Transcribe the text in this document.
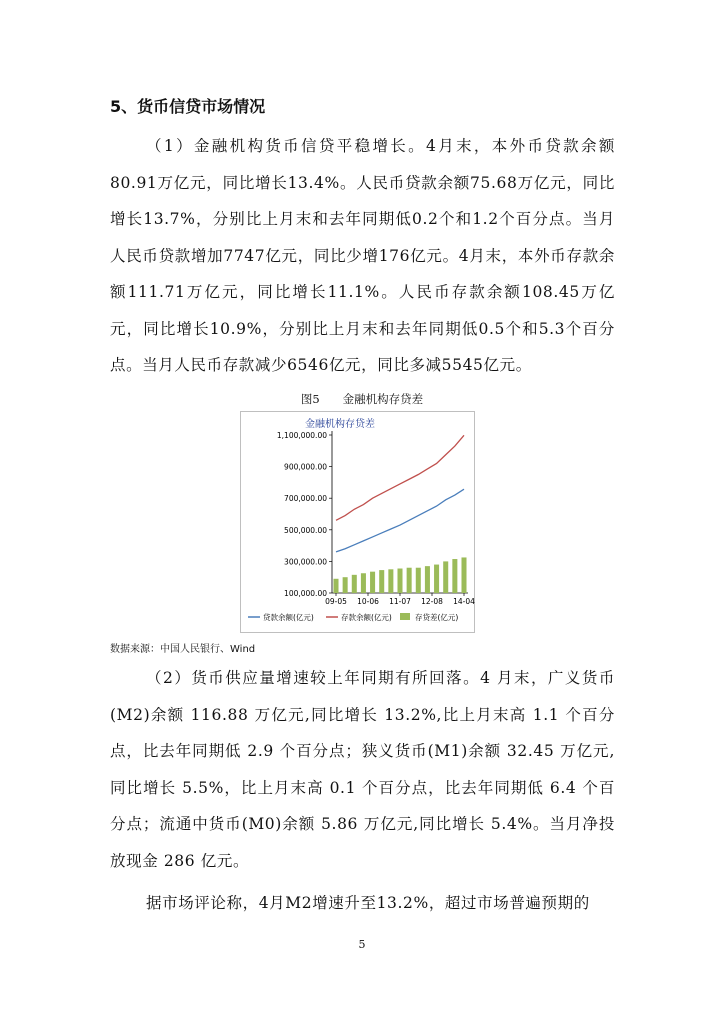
5、货币信贷市场情况
（1）金融机构货币信贷平稳增长。4月末，本外币贷款余额80.91万亿元，同比增长13.4%。人民币贷款余额75.68万亿元，同比增长13.7%，分别比上月末和去年同期低0.2个和1.2个百分点。当月人民币贷款增加7747亿元，同比少增176亿元。4月末，本外币存款余额111.71万亿元，同比增长11.1%。人民币存款余额108.45万亿元，同比增长10.9%，分别比上月末和去年同期低0.5个和5.3个百分点。当月人民币存款减少6546亿元，同比多减5545亿元。
图5　　金融机构存贷差
金融机构存贷差
100,000.00
300,000.00
500,000.00
700,000.00
900,000.00
1,100,000.00
09-05 10-06 11-07 12-08 14-04
贷款余额(亿元)	存款余额(亿元)	存贷差(亿元)
数据来源：中国人民银行、Wind
（2）货币供应量增速较上年同期有所回落。4 月末，广义货币(M2)余额 116.88 万亿元,同比增长 13.2%,比上月末高 1.1 个百分点，比去年同期低 2.9 个百分点；狭义货币(M1)余额 32.45 万亿元,同比增长 5.5%，比上月末高 0.1 个百分点，比去年同期低 6.4 个百分点；流通中货币(M0)余额 5.86 万亿元,同比增长 5.4%。当月净投放现金 286 亿元。
据市场评论称，4月M2增速升至13.2%，超过市场普遍预期的
5
